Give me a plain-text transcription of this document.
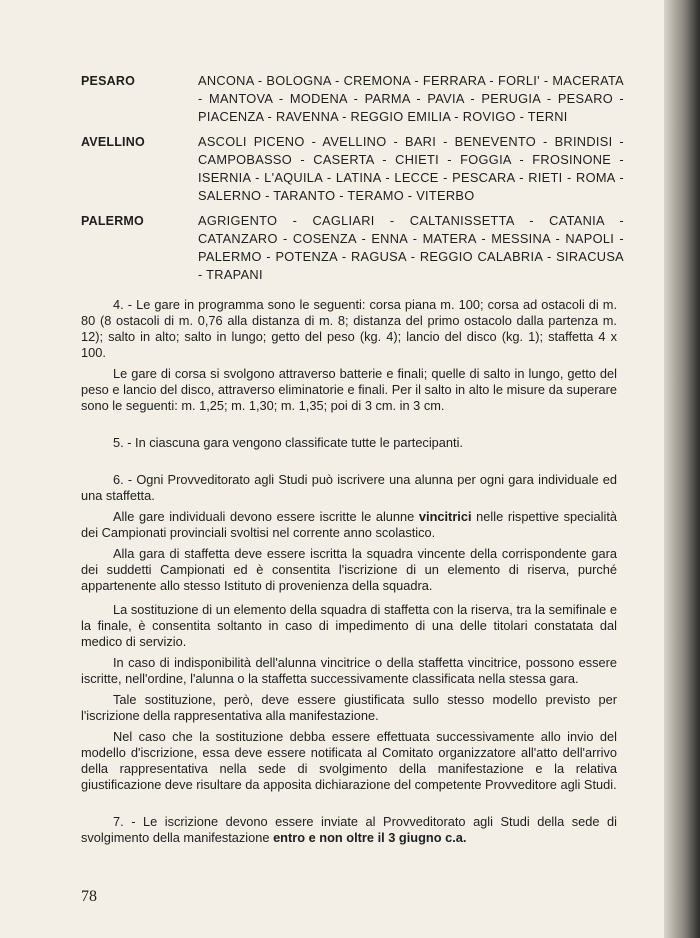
PESARO	ANCONA - BOLOGNA - CREMONA - FERRARA - FORLI' - MACERATA - MANTOVA - MODENA - PARMA - PAVIA - PERUGIA - PESARO - PIACENZA - RAVENNA - REGGIO EMILIA - ROVIGO - TERNI
AVELLINO	ASCOLI PICENO - AVELLINO - BARI - BENEVENTO - BRINDISI - CAMPOBASSO - CASERTA - CHIETI - FOGGIA - FROSINONE - ISERNIA - L'AQUILA - LATINA - LECCE - PESCARA - RIETI - ROMA - SALERNO - TARANTO - TERAMO - VITERBO
PALERMO	AGRIGENTO - CAGLIARI - CALTANISSETTA - CATANIA - CATANZARO - COSENZA - ENNA - MATERA - MESSINA - NAPOLI - PALERMO - POTENZA - RAGUSA - REGGIO CALABRIA - SIRACUSA - TRAPANI

4. - Le gare in programma sono le seguenti: corsa piana m. 100; corsa ad ostacoli di m. 80 (8 ostacoli di m. 0,76 alla distanza di m. 8; distanza del primo ostacolo dalla partenza m. 12); salto in alto; salto in lungo; getto del peso (kg. 4); lancio del disco (kg. 1); staffetta 4 x 100.

Le gare di corsa si svolgono attraverso batterie e finali; quelle di salto in lungo, getto del peso e lancio del disco, attraverso eliminatorie e finali. Per il salto in alto le misure da superare sono le seguenti: m. 1,25; m. 1,30; m. 1,35; poi di 3 cm. in 3 cm.

5. - In ciascuna gara vengono classificate tutte le partecipanti.

6. - Ogni Provveditorato agli Studi può iscrivere una alunna per ogni gara individuale ed una staffetta.

Alle gare individuali devono essere iscritte le alunne vincitrici nelle rispettive specialità dei Campionati provinciali svoltisi nel corrente anno scolastico.

Alla gara di staffetta deve essere iscritta la squadra vincente della corrispondente gara dei suddetti Campionati ed è consentita l'iscrizione di un elemento di riserva, purché appartenente allo stesso Istituto di provenienza della squadra.

La sostituzione di un elemento della squadra di staffetta con la riserva, tra la semifinale e la finale, è consentita soltanto in caso di impedimento di una delle titolari constatata dal medico di servizio.

In caso di indisponibilità dell'alunna vincitrice o della staffetta vincitrice, possono essere iscritte, nell'ordine, l'alunna o la staffetta successivamente classificata nella stessa gara.

Tale sostituzione, però, deve essere giustificata sullo stesso modello previsto per l'iscrizione della rappresentativa alla manifestazione.

Nel caso che la sostituzione debba essere effettuata successivamente allo invio del modello d'iscrizione, essa deve essere notificata al Comitato organizzatore all'atto dell'arrivo della rappresentativa nella sede di svolgimento della manifestazione e la relativa giustificazione deve risultare da apposita dichiarazione del competente Provveditore agli Studi.

7. - Le iscrizione devono essere inviate al Provveditorato agli Studi della sede di svolgimento della manifestazione entro e non oltre il 3 giugno c.a.

78
